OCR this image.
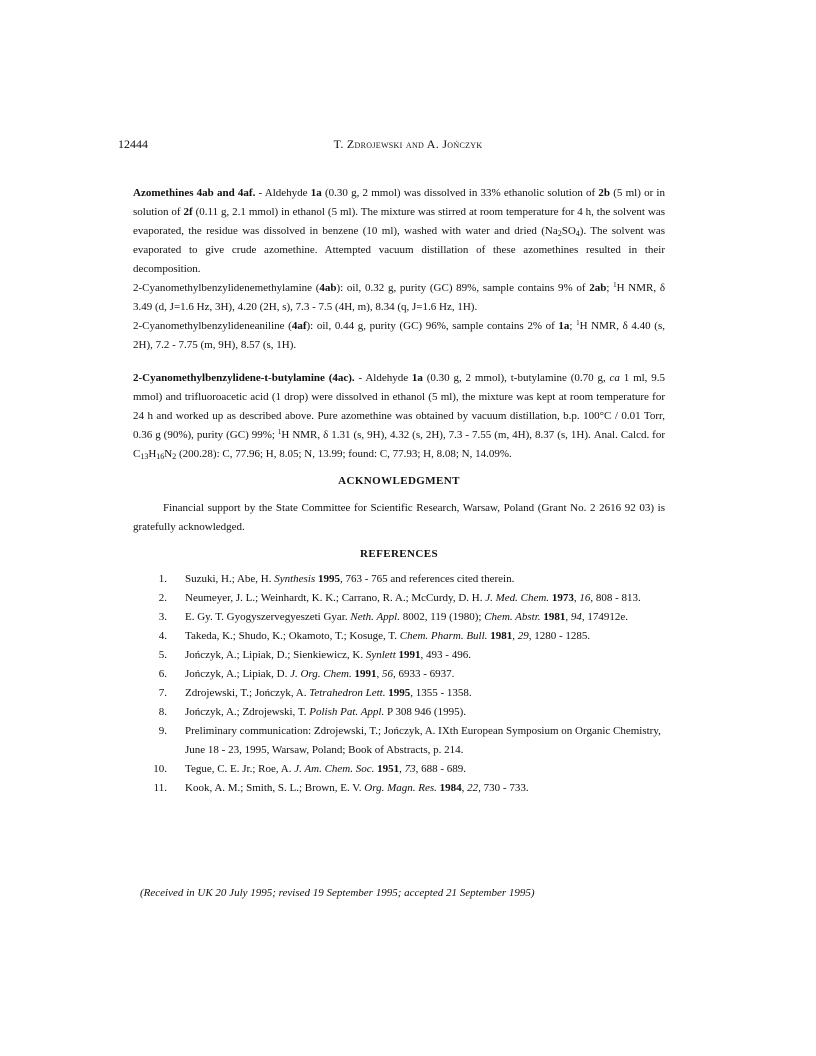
12444	T. Zdrojewski and A. Jończyk

Azomethines 4ab and 4af. - Aldehyde 1a (0.30 g, 2 mmol) was dissolved in 33% ethanolic solution of 2b (5 ml) or in solution of 2f (0.11 g, 2.1 mmol) in ethanol (5 ml). The mixture was stirred at room temperature for 4 h, the solvent was evaporated, the residue was dissolved in benzene (10 ml), washed with water and dried $(Na_2SO_4)$. The solvent was evaporated to give crude azomethine. Attempted vacuum distillation of these azomethines resulted in their decomposition.

2-Cyanomethylbenzylidenemethylamine (4ab): oil, 0.32 g, purity (GC) 89%, sample contains 9% of 2ab; $^1$H NMR, δ 3.49 (d, J=1.6 Hz, 3H), 4.20 (2H, s), 7.3 - 7.5 (4H, m), 8.34 (q, J=1.6 Hz, 1H).

2-Cyanomethylbenzylideneaniline (4af): oil, 0.44 g, purity (GC) 96%, sample contains 2% of 1a; $^1$H NMR, δ 4.40 (s, 2H), 7.2 - 7.75 (m, 9H), 8.57 (s, 1H).

2-Cyanomethylbenzylidene-t-butylamine (4ac). - Aldehyde 1a (0.30 g, 2 mmol), t-butylamine (0.70 g, ca 1 ml, 9.5 mmol) and trifluoroacetic acid (1 drop) were dissolved in ethanol (5 ml), the mixture was kept at room temperature for 24 h and worked up as described above. Pure azomethine was obtained by vacuum distillation, b.p. 100°C / 0.01 Torr, 0.36 g (90%), purity (GC) 99%; $^1$H NMR, δ 1.31 (s, 9H), 4.32 (s, 2H), 7.3 - 7.55 (m, 4H), 8.37 (s, 1H). Anal. Calcd. for $C_{13}H_{16}N_2$ (200.28): C, 77.96; H, 8.05; N, 13.99; found: C, 77.93; H, 8.08; N, 14.09%.

ACKNOWLEDGMENT

Financial support by the State Committee for Scientific Research, Warsaw, Poland (Grant No. 2 2616 92 03) is gratefully acknowledged.

REFERENCES

1.	Suzuki, H.; Abe, H. Synthesis 1995, 763 - 765 and references cited therein.
2.	Neumeyer, J. L.; Weinhardt, K. K.; Carrano, R. A.; McCurdy, D. H. J. Med. Chem. 1973, 16, 808 - 813.
3.	E. Gy. T. Gyogyszervegyeszeti Gyar. Neth. Appl. 8002, 119 (1980); Chem. Abstr. 1981, 94, 174912e.
4.	Takeda, K.; Shudo, K.; Okamoto, T.; Kosuge, T. Chem. Pharm. Bull. 1981, 29, 1280 - 1285.
5.	Jończyk, A.; Lipiak, D.; Sienkiewicz, K. Synlett 1991, 493 - 496.
6.	Jończyk, A.; Lipiak, D. J. Org. Chem. 1991, 56, 6933 - 6937.
7.	Zdrojewski, T.; Jończyk, A. Tetrahedron Lett. 1995, 1355 - 1358.
8.	Jończyk, A.; Zdrojewski, T. Polish Pat. Appl. P 308 946 (1995).
9.	Preliminary communication: Zdrojewski, T.; Jończyk, A. IXth European Symposium on Organic Chemistry, June 18 - 23, 1995, Warsaw, Poland; Book of Abstracts, p. 214.
10.	Teguе, C. E. Jr.; Roe, A. J. Am. Chem. Soc. 1951, 73, 688 - 689.
11.	Kook, A. M.; Smith, S. L.; Brown, E. V. Org. Magn. Res. 1984, 22, 730 - 733.
(Received in UK 20 July 1995; revised 19 September 1995; accepted 21 September 1995)
